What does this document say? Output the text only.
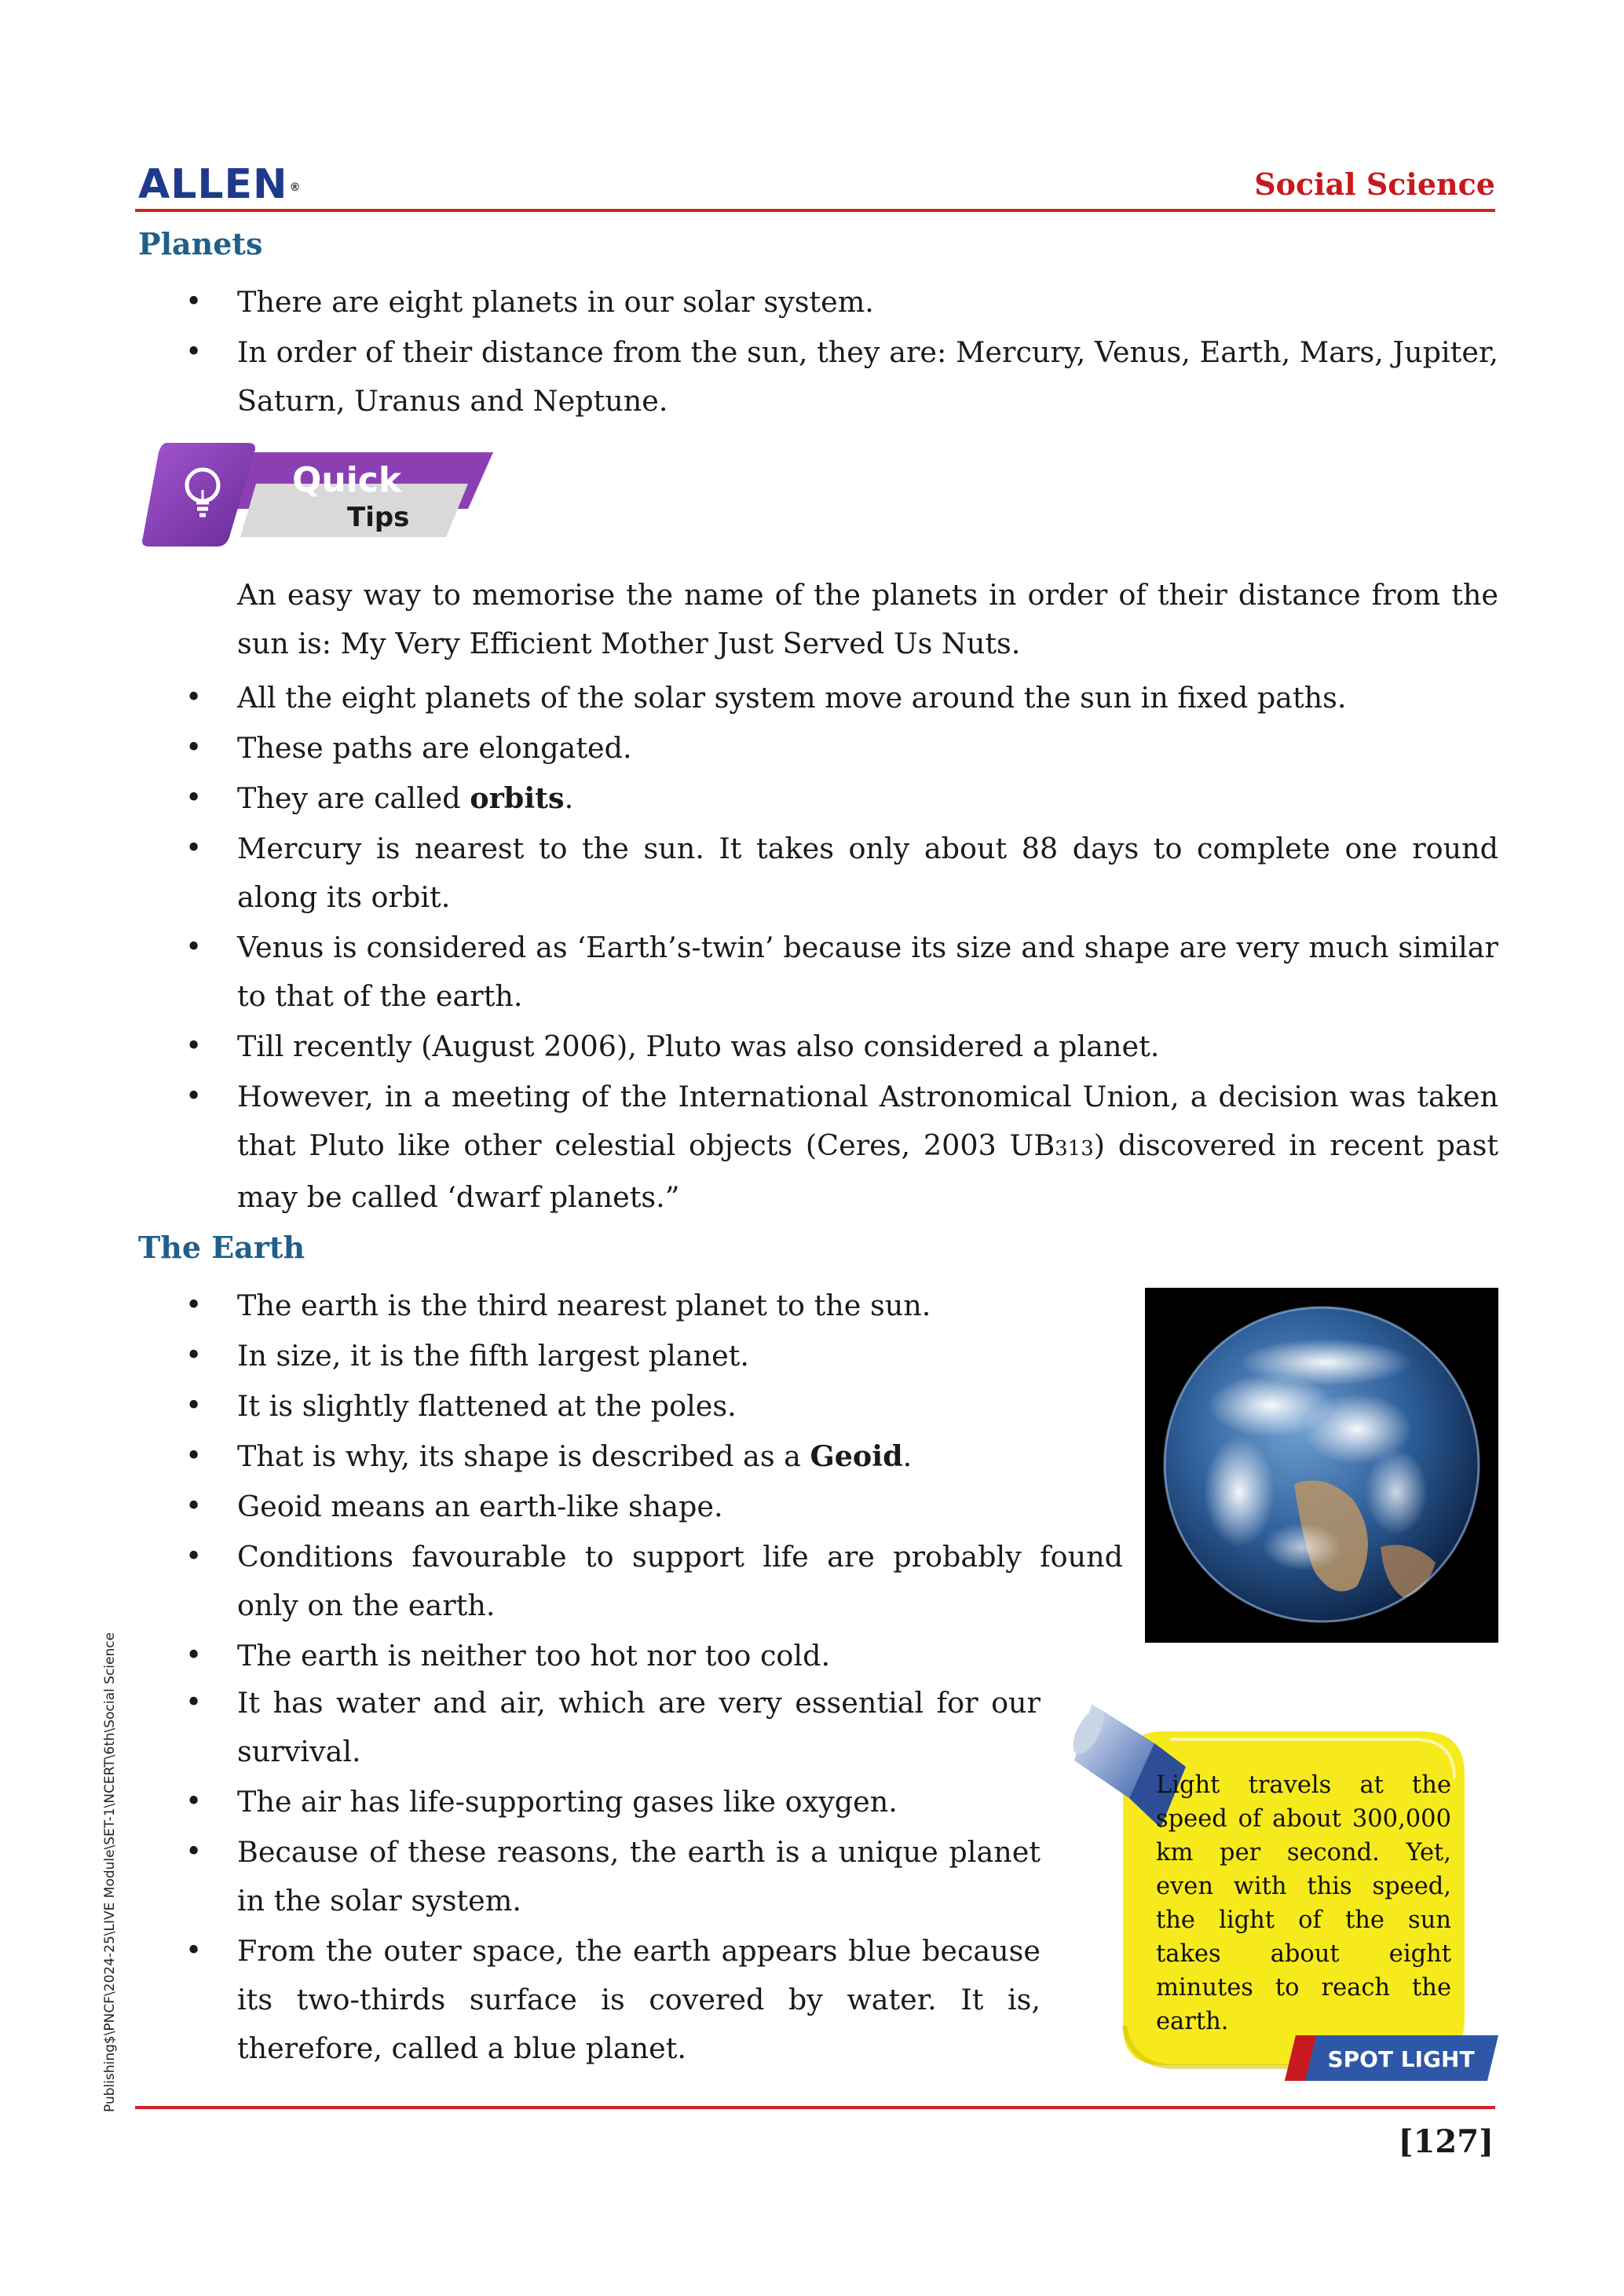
ALLEN ®	Social Science
Planets
• There are eight planets in our solar system.
• In order of their distance from the sun, they are: Mercury, Venus, Earth, Mars, Jupiter, Saturn, Uranus and Neptune.
Quick
Tips
An easy way to memorise the name of the planets in order of their distance from the sun is: My Very Efficient Mother Just Served Us Nuts.
• All the eight planets of the solar system move around the sun in fixed paths.
• These paths are elongated.
• They are called orbits.
• Mercury is nearest to the sun. It takes only about 88 days to complete one round along its orbit.
• Venus is considered as ‘Earth’s-twin’ because its size and shape are very much similar to that of the earth.
• Till recently (August 2006), Pluto was also considered a planet.
• However, in a meeting of the International Astronomical Union, a decision was taken that Pluto like other celestial objects (Ceres, 2003 UB313) discovered in recent past may be called ‘dwarf planets.”
The Earth
• The earth is the third nearest planet to the sun.
• In size, it is the fifth largest planet.
• It is slightly flattened at the poles.
• That is why, its shape is described as a Geoid.
• Geoid means an earth-like shape.
• Conditions favourable to support life are probably found only on the earth.
• The earth is neither too hot nor too cold.
• It has water and air, which are very essential for our survival.
• The air has life-supporting gases like oxygen.
• Because of these reasons, the earth is a unique planet in the solar system.
• From the outer space, the earth appears blue because its two-thirds surface is covered by water. It is, therefore, called a blue planet.
Light travels at the speed of about 300,000 km per second. Yet, even with this speed, the light of the sun takes about eight minutes to reach the earth.
SPOT LIGHT
[127]
Publishing$\PNCF\2024-25\LIVE Module\SET-1\NCERT\6th\Social Science
